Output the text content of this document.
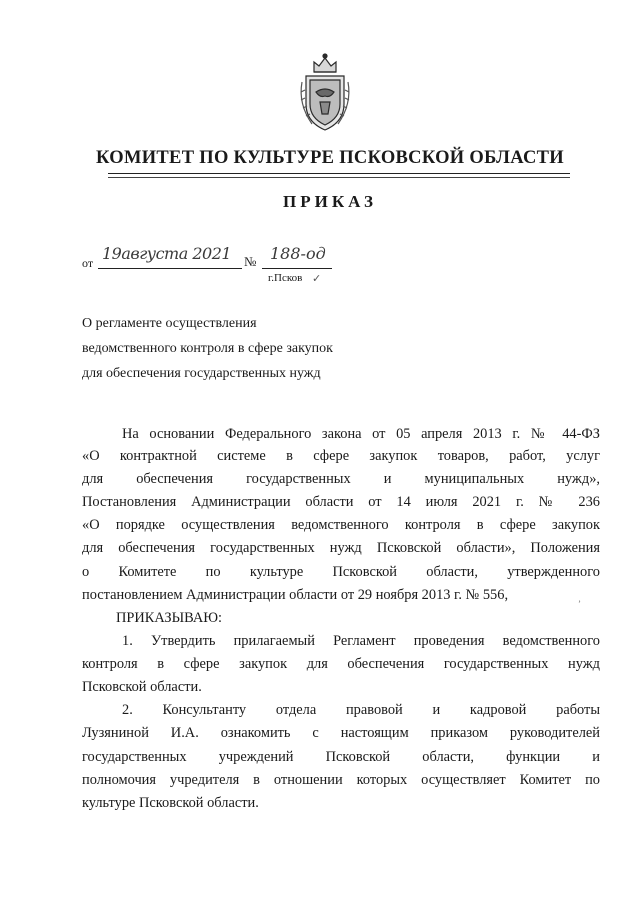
КОМИТЕТ ПО КУЛЬТУРЕ ПСКОВСКОЙ ОБЛАСТИ
ПРИКАЗ
от 19августа 2021 № 188-од
г.Псков ✓
О регламенте осуществления
ведомственного контроля в сфере закупок
для обеспечения государственных нужд
На основании Федерального закона от 05 апреля 2013 г. № 44-ФЗ
«О контрактной системе в сфере закупок товаров, работ, услуг
для обеспечения государственных и муниципальных нужд»,
Постановления Администрации области от 14 июля 2021 г. № 236
«О порядке осуществления ведомственного контроля в сфере закупок
для обеспечения государственных нужд Псковской области», Положения
о Комитете по культуре Псковской области, утвержденного
постановлением Администрации области от 29 ноября 2013 г. № 556,
’
ПРИКАЗЫВАЮ:
1. Утвердить прилагаемый Регламент проведения ведомственного
контроля в сфере закупок для обеспечения государственных нужд
Псковской области.
2. Консультанту отдела правовой и кадровой работы
Лузяниной И.А. ознакомить с настоящим приказом руководителей
государственных учреждений Псковской области, функции и
полномочия учредителя в отношении которых осуществляет Комитет по
культуре Псковской области.
